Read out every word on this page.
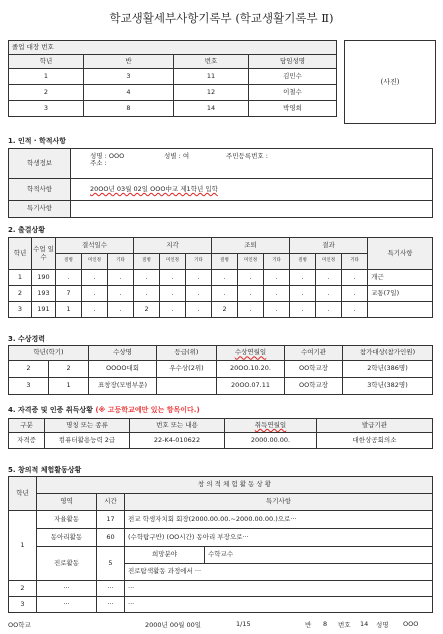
학교생활세부사항기록부 (학교생활기록부 Ⅱ)
졸업 대장 번호			
학년	반	번호	담임성명
1	3	11	김민수
2	4	12	이철수
3	8	14	박영희
(사진)
1. 인적 · 학적사항
학생정보	성명 : OOO 성별 : 여 주민등록번호 :
주소 :
학적사항	20OO년 03월 02일 OOO中교 제1학년 입학
특기사항	
2. 출결상황
학년	수업 일수	결석일수			지각			조퇴			결과			특기사항
		질병	미인정	기타	질병	미인정	기타	질병	미인정	기타	질병	미인정	기타	
1	190	.	.	.	.	.	.	.	.	.	.	.	.	개근
2	193	7	.	.	.	.	.	.	.	.	.	.	.	교통(7일)
3	191	1	.	.	2	.	.	2	.	.	.	.	.	
3. 수상경력
학년(학기)		수상명	등급(위)	수상연월일	수여기관	참가대상(참가인원)
2	2	OOOO대회	우수상(2위)	20OO.10.20.	OO학교장	2학년(386명)
3	1	표창장(모범부문)		20OO.07.11	OO학교장	3학년(382명)
4. 자격증 및 인증 취득상황 (※ 고등학교에만 있는 항목이다.)
구분	명칭 또는 종류	번호 또는 내용	취득연월일	발급기관
자격증	컴퓨터활용능력 2급	22-K4-010622	2000.00.00.	대한상공회의소
5. 창의적 체험활동상황
학년	창 의 적 체 험 활 동 상 황			
	영역	시간	특기사항	
1	자율활동	17	전교 학생자치회 회장(2000.00.00.~2000.00.00.)으로···	
	동아리활동	60	(수학탐구반) (OO시간) 동아리 부장으로···	
	진로활동	5	희망분야	수학교수
			진로탐색활동 과정에서 ···	
2	···	···	···	
3	···	···	···	
OO학교	2000년 00월 00일	1/15	반 8 번호 14 성명 OOO
